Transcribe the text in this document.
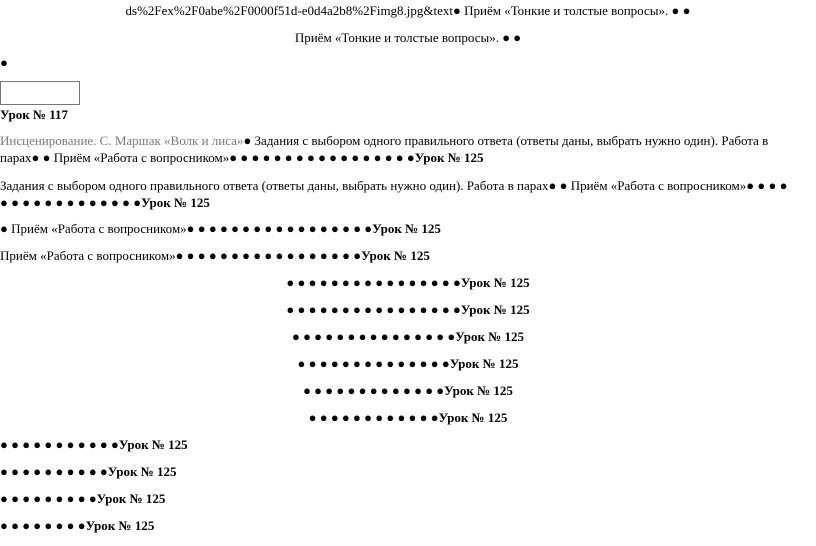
ds%2Fex%2F0abe%2F0000f51d-e0d4a2b8%2Fimg8.jpg&text● Приём «Тонкие и толстые вопросы». ● ●
Приём «Тонкие и толстые вопросы». ● ●
●
Урок № 117
Инсценирование. С. Маршак «Волк и лиса»● Задания с выбором одного правильного ответа (ответы даны, выбрать нужно один). Работа в парах● ● Приём «Работа с вопросником»● ● ● ● ● ● ● ● ● ● ● ● ● ● ● ● ●Урок № 125
Задания с выбором одного правильного ответа (ответы даны, выбрать нужно один). Работа в парах● ● Приём «Работа с вопросником»● ● ● ● ● ● ● ● ● ● ● ● ● ● ● ● ●Урок № 125
● Приём «Работа с вопросником»● ● ● ● ● ● ● ● ● ● ● ● ● ● ● ● ●Урок № 125
Приём «Работа с вопросником»● ● ● ● ● ● ● ● ● ● ● ● ● ● ● ● ●Урок № 125
● ● ● ● ● ● ● ● ● ● ● ● ● ● ● ●Урок № 125
● ● ● ● ● ● ● ● ● ● ● ● ● ● ● ●Урок № 125
● ● ● ● ● ● ● ● ● ● ● ● ● ● ●Урок № 125
● ● ● ● ● ● ● ● ● ● ● ● ● ●Урок № 125
● ● ● ● ● ● ● ● ● ● ● ● ●Урок № 125
● ● ● ● ● ● ● ● ● ● ● ●Урок № 125
● ● ● ● ● ● ● ● ● ● ●Урок № 125
● ● ● ● ● ● ● ● ● ●Урок № 125
● ● ● ● ● ● ● ● ●Урок № 125
● ● ● ● ● ● ● ●Урок № 125
